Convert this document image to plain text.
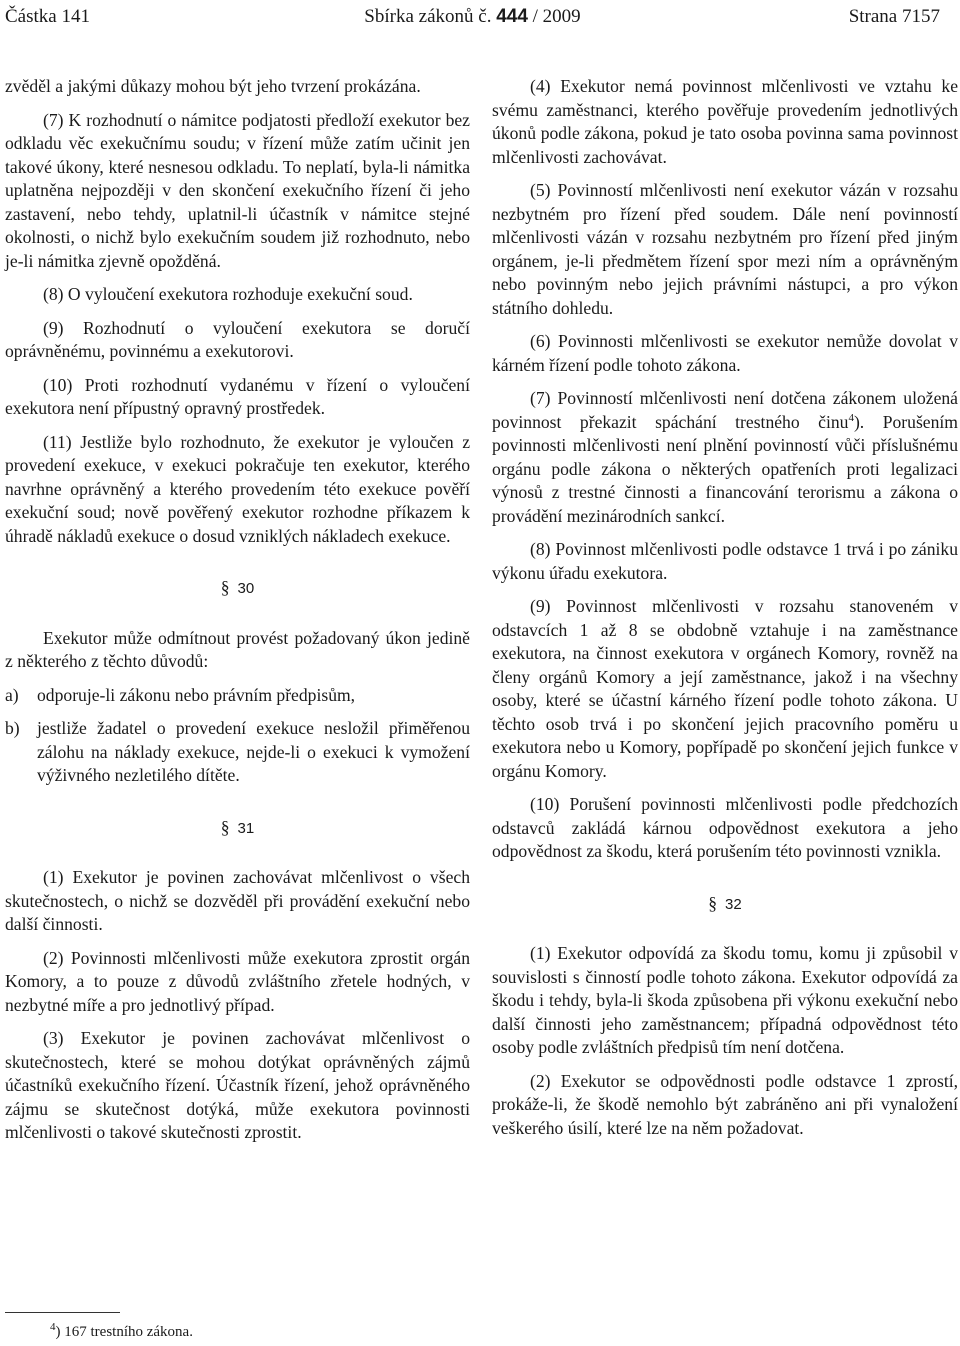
Částka 141	Sbírka zákonů č. 444 / 2009	Strana 7157

zvěděl a jakými důkazy mohou být jeho tvrzení prokázána.

(7) K rozhodnutí o námitce podjatosti předloží exekutor bez odkladu věc exekučnímu soudu; v řízení může zatím učinit jen takové úkony, které nesnesou odkladu. To neplatí, byla-li námitka uplatněna nejpozději v den skončení exekučního řízení či jeho zastavení, nebo tehdy, uplatnil-li účastník v námitce stejné okolnosti, o nichž bylo exekučním soudem již rozhodnuto, nebo je-li námitka zjevně opožděná.

(8) O vyloučení exekutora rozhoduje exekuční soud.

(9) Rozhodnutí o vyloučení exekutora se doručí oprávněnému, povinnému a exekutorovi.

(10) Proti rozhodnutí vydanému v řízení o vyloučení exekutora není přípustný opravný prostředek.

(11) Jestliže bylo rozhodnuto, že exekutor je vyloučen z provedení exekuce, v exekuci pokračuje ten exekutor, kterého navrhne oprávněný a kterého provedením této exekuce pověří exekuční soud; nově pověřený exekutor rozhodne příkazem k úhradě nákladů exekuce o dosud vzniklých nákladech exekuce.

§ 30

Exekutor může odmítnout provést požadovaný úkon jedině z některého z těchto důvodů:

a) odporuje-li zákonu nebo právním předpisům,
b) jestliže žadatel o provedení exekuce nesložil přiměřenou zálohu na náklady exekuce, nejde-li o exekuci k vymožení výživného nezletilého dítěte.
§ 31

(1) Exekutor je povinen zachovávat mlčenlivost o všech skutečnostech, o nichž se dozvěděl při provádění exekuční nebo další činnosti.

(2) Povinnosti mlčenlivosti může exekutora zprostit orgán Komory, a to pouze z důvodů zvláštního zřetele hodných, v nezbytné míře a pro jednotlivý případ.

(3) Exekutor je povinen zachovávat mlčenlivost o skutečnostech, které se mohou dotýkat oprávněných zájmů účastníků exekučního řízení. Účastník řízení, jehož oprávněného zájmu se skutečnost dotýká, může exekutora povinnosti mlčenlivosti o takové skutečnosti zprostit.

(4) Exekutor nemá povinnost mlčenlivosti ve vztahu ke svému zaměstnanci, kterého pověřuje provedením jednotlivých úkonů podle zákona, pokud je tato osoba povinna sama povinnost mlčenlivosti zachovávat.

(5) Povinností mlčenlivosti není exekutor vázán v rozsahu nezbytném pro řízení před soudem. Dále není povinností mlčenlivosti vázán v rozsahu nezbytném pro řízení před jiným orgánem, je-li předmětem řízení spor mezi ním a oprávněným nebo povinným nebo jejich právními nástupci, a pro výkon státního dohledu.

(6) Povinnosti mlčenlivosti se exekutor nemůže dovolat v kárném řízení podle tohoto zákona.

(7) Povinností mlčenlivosti není dotčena zákonem uložená povinnost překazit spáchání trestného činu$^4$). Porušením povinnosti mlčenlivosti není plnění povinností vůči příslušnému orgánu podle zákona o některých opatřeních proti legalizaci výnosů z trestné činnosti a financování terorismu a zákona o provádění mezinárodních sankcí.

(8) Povinnost mlčenlivosti podle odstavce 1 trvá i po zániku výkonu úřadu exekutora.

(9) Povinnost mlčenlivosti v rozsahu stanoveném v odstavcích 1 až 8 se obdobně vztahuje i na zaměstnance exekutora, na činnost exekutora v orgánech Komory, rovněž na členy orgánů Komory a její zaměstnance, jakož i na všechny osoby, které se účastní kárného řízení podle tohoto zákona. U těchto osob trvá i po skončení jejich pracovního poměru u exekutora nebo u Komory, popřípadě po skončení jejich funkce v orgánu Komory.

(10) Porušení povinnosti mlčenlivosti podle předchozích odstavců zakládá kárnou odpovědnost exekutora a jeho odpovědnost za škodu, která porušením této povinnosti vznikla.

§ 32

(1) Exekutor odpovídá za škodu tomu, komu ji způsobil v souvislosti s činností podle tohoto zákona. Exekutor odpovídá za škodu i tehdy, byla-li škoda způsobena při výkonu exekuční nebo další činnosti jeho zaměstnancem; případná odpovědnost této osoby podle zvláštních předpisů tím není dotčena.

(2) Exekutor se odpovědnosti podle odstavce 1 zprostí, prokáže-li, že škodě nemohlo být zabráněno ani při vynaložení veškerého úsilí, které lze na něm požadovat.

$^4$) 167 trestního zákona.
